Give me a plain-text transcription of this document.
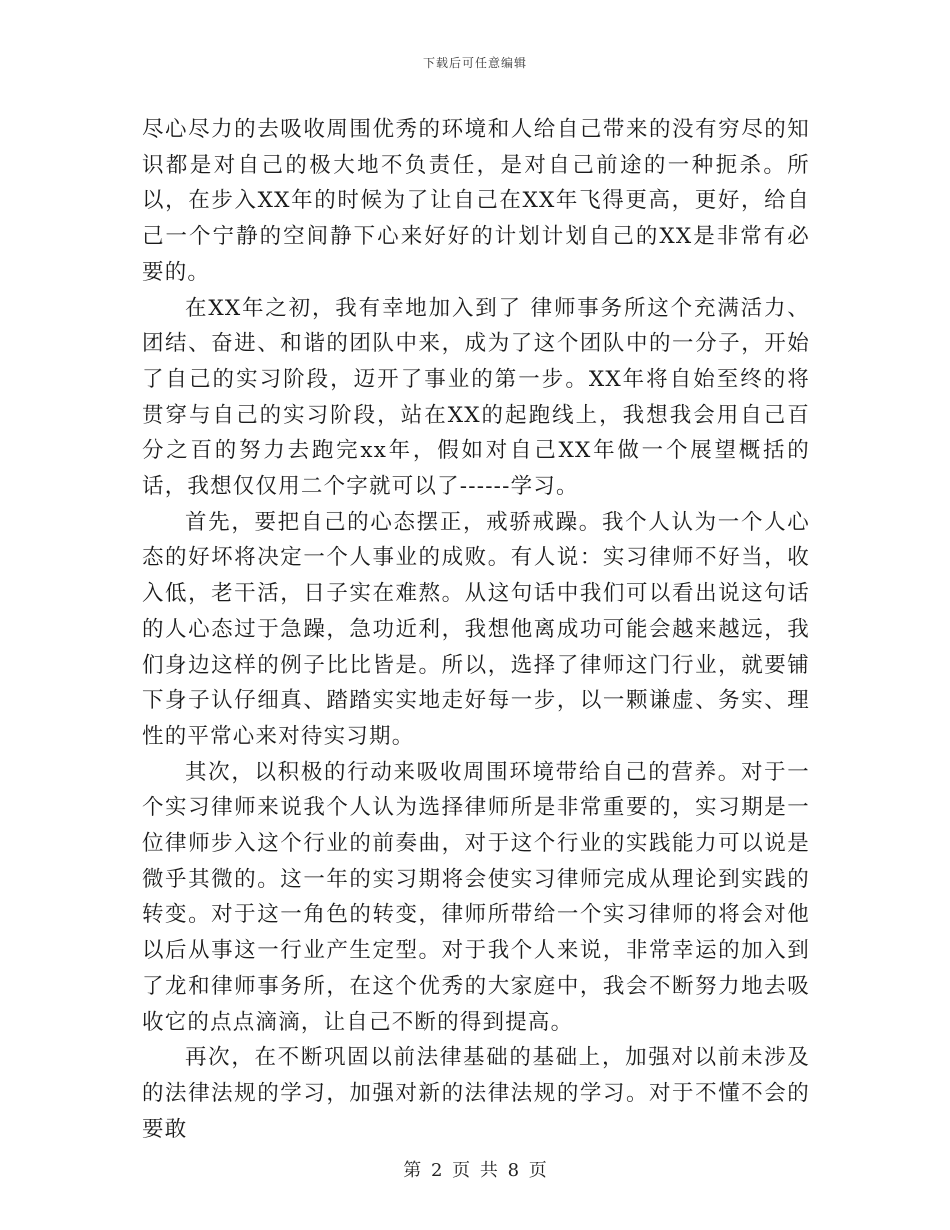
下载后可任意编辑

尽心尽力的去吸收周围优秀的环境和人给自己带来的没有穷尽的知识都是对自己的极大地不负责任，是对自己前途的一种扼杀。所以，在步入XX年的时候为了让自己在XX年飞得更高，更好，给自己一个宁静的空间静下心来好好的计划计划自己的XX是非常有必要的。

在XX年之初，我有幸地加入到了 律师事务所这个充满活力、团结、奋进、和谐的团队中来，成为了这个团队中的一分子，开始了自己的实习阶段，迈开了事业的第一步。XX年将自始至终的将贯穿与自己的实习阶段，站在XX的起跑线上，我想我会用自己百分之百的努力去跑完xx年，假如对自己XX年做一个展望概括的话，我想仅仅用二个字就可以了------学习。

首先，要把自己的心态摆正，戒骄戒躁。我个人认为一个人心态的好坏将决定一个人事业的成败。有人说：实习律师不好当，收入低，老干活，日子实在难熬。从这句话中我们可以看出说这句话的人心态过于急躁，急功近利，我想他离成功可能会越来越远，我们身边这样的例子比比皆是。所以，选择了律师这门行业，就要铺下身子认仔细真、踏踏实实地走好每一步，以一颗谦虚、务实、理性的平常心来对待实习期。

其次，以积极的行动来吸收周围环境带给自己的营养。对于一个实习律师来说我个人认为选择律师所是非常重要的，实习期是一位律师步入这个行业的前奏曲，对于这个行业的实践能力可以说是微乎其微的。这一年的实习期将会使实习律师完成从理论到实践的转变。对于这一角色的转变，律师所带给一个实习律师的将会对他以后从事这一行业产生定型。对于我个人来说，非常幸运的加入到了龙和律师事务所，在这个优秀的大家庭中，我会不断努力地去吸收它的点点滴滴，让自己不断的得到提高。

再次，在不断巩固以前法律基础的基础上，加强对以前未涉及的法律法规的学习，加强对新的法律法规的学习。对于不懂不会的要敢

第 2 页 共 8 页
